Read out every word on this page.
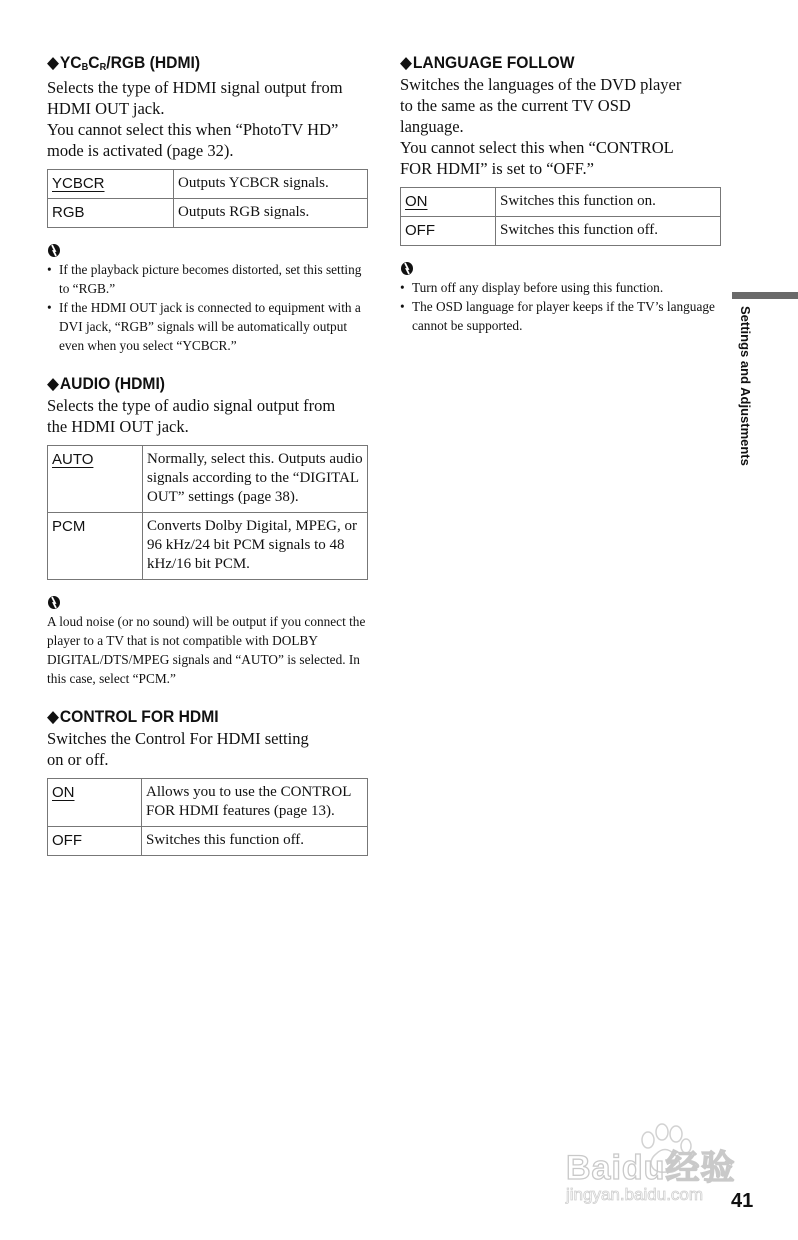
$◆YC_BC_R$/RGB (HDMI)

Selects the type of HDMI signal output from
HDMI OUT jack.
You cannot select this when “PhotoTV HD”
mode is activated (page 32).

YCBCR	Outputs YCBCR signals.
RGB	Outputs RGB signals.
• If the playback picture becomes distorted, set this setting to “RGB.”
• If the HDMI OUT jack is connected to equipment with a DVI jack, “RGB” signals will be automatically output even when you select “YCBCR.”
◆AUDIO (HDMI)

Selects the type of audio signal output from
the HDMI OUT jack.

AUTO	Normally, select this. Outputs audio signals according to the “DIGITAL OUT” settings (page 38).
PCM	Converts Dolby Digital, MPEG, or 96 kHz/24 bit PCM signals to 48 kHz/16 bit PCM.

A loud noise (or no sound) will be output if you connect the player to a TV that is not compatible with DOLBY DIGITAL/DTS/MPEG signals and “AUTO” is selected. In this case, select “PCM.”

◆CONTROL FOR HDMI

Switches the Control For HDMI setting
on or off.

ON	Allows you to use the CONTROL FOR HDMI features (page 13).
OFF	Switches this function off.
◆LANGUAGE FOLLOW

Switches the languages of the DVD player
to the same as the current TV OSD
language.
You cannot select this when “CONTROL
FOR HDMI” is set to “OFF.”

ON	Switches this function on.
OFF	Switches this function off.
• Turn off any display before using this function.
• The OSD language for player keeps if the TV’s language cannot be supported.	Settings and Adjustments
Baidu经验
jingyan.baidu.com 41
